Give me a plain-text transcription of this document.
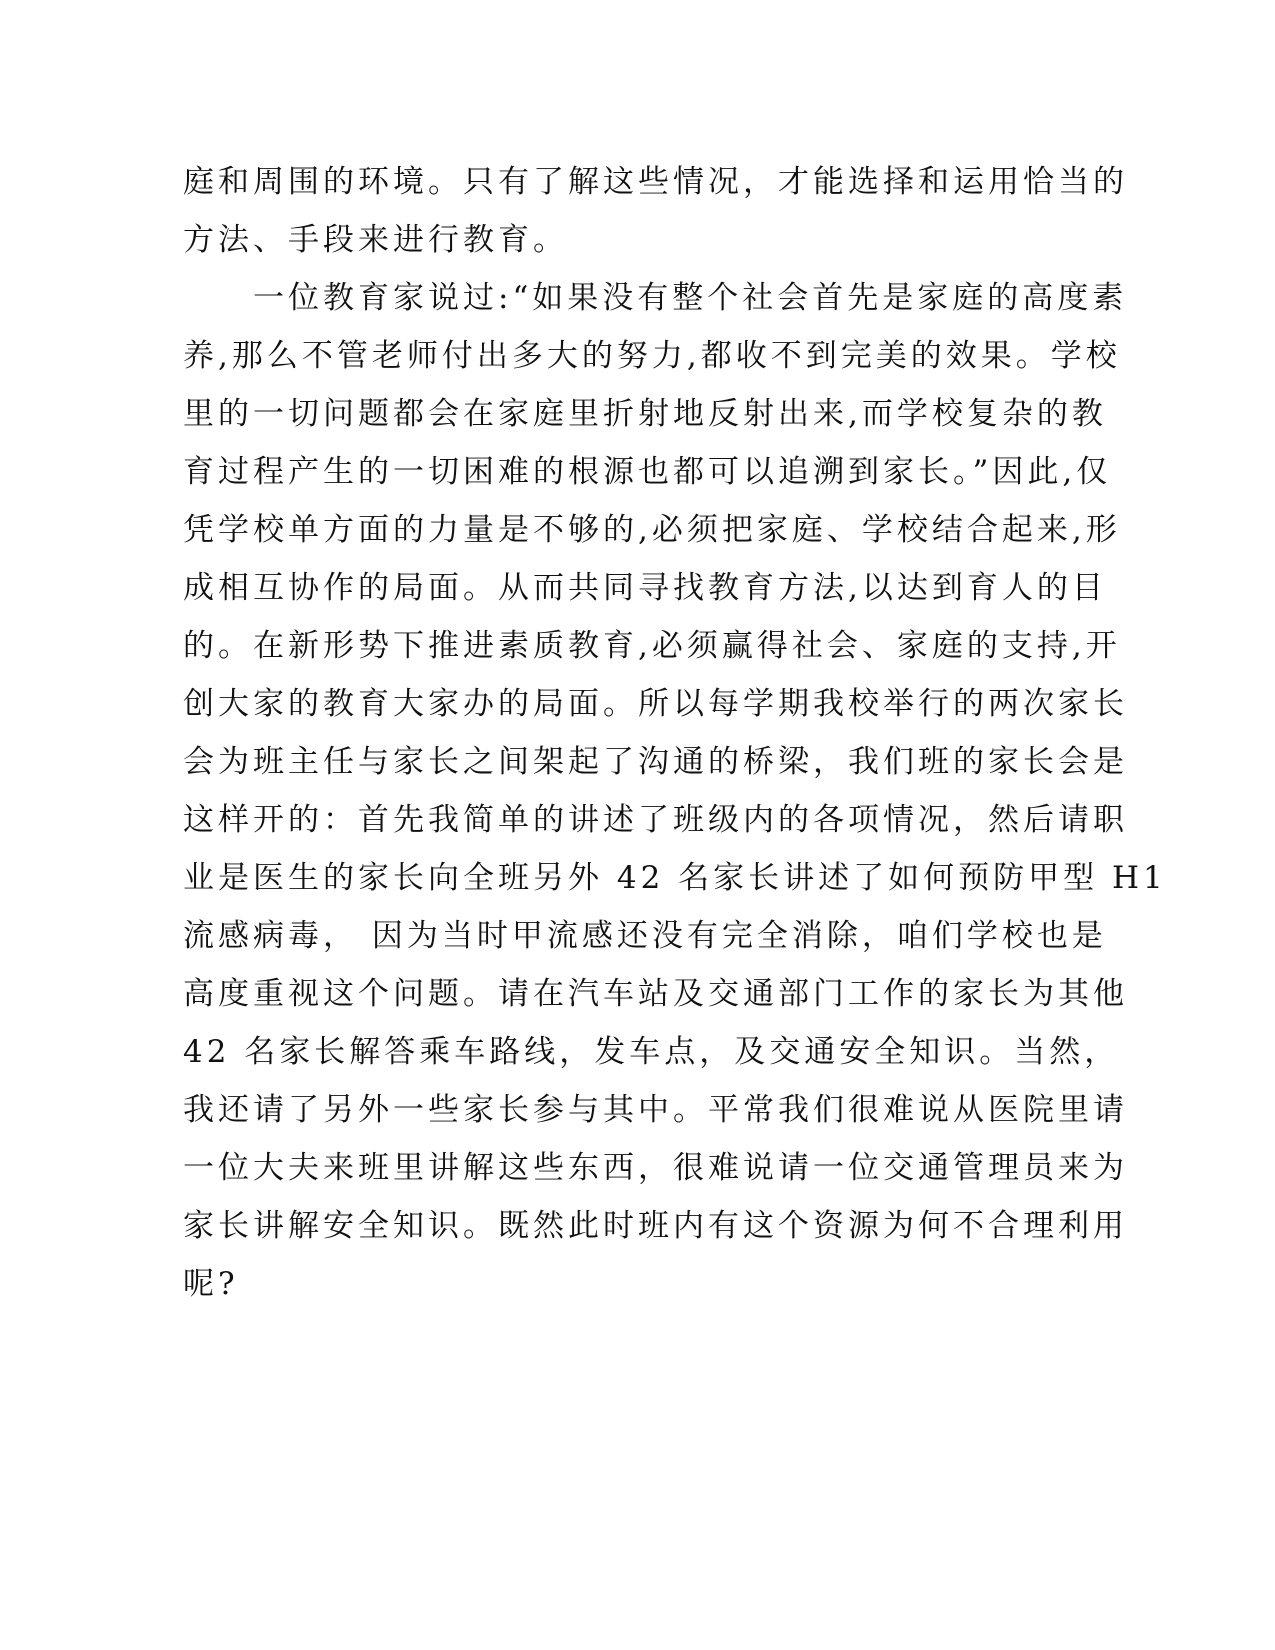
庭和周围的环境。只有了解这些情况，才能选择和运用恰当的
方法、手段来进行教育。
一位教育家说过:“如果没有整个社会首先是家庭的高度素
养,那么不管老师付出多大的努力,都收不到完美的效果。学校
里的一切问题都会在家庭里折射地反射出来,而学校复杂的教
育过程产生的一切困难的根源也都可以追溯到家长。”因此,仅
凭学校单方面的力量是不够的,必须把家庭、学校结合起来,形
成相互协作的局面。从而共同寻找教育方法,以达到育人的目
的。在新形势下推进素质教育,必须赢得社会、家庭的支持,开
创大家的教育大家办的局面。所以每学期我校举行的两次家长
会为班主任与家长之间架起了沟通的桥梁，我们班的家长会是
这样开的：首先我简单的讲述了班级内的各项情况，然后请职
业是医生的家长向全班另外 42 名家长讲述了如何预防甲型 H1
流感病毒， 因为当时甲流感还没有完全消除，咱们学校也是
高度重视这个问题。请在汽车站及交通部门工作的家长为其他
42 名家长解答乘车路线，发车点，及交通安全知识。当然，
我还请了另外一些家长参与其中。平常我们很难说从医院里请
一位大夫来班里讲解这些东西，很难说请一位交通管理员来为
家长讲解安全知识。既然此时班内有这个资源为何不合理利用
呢?
